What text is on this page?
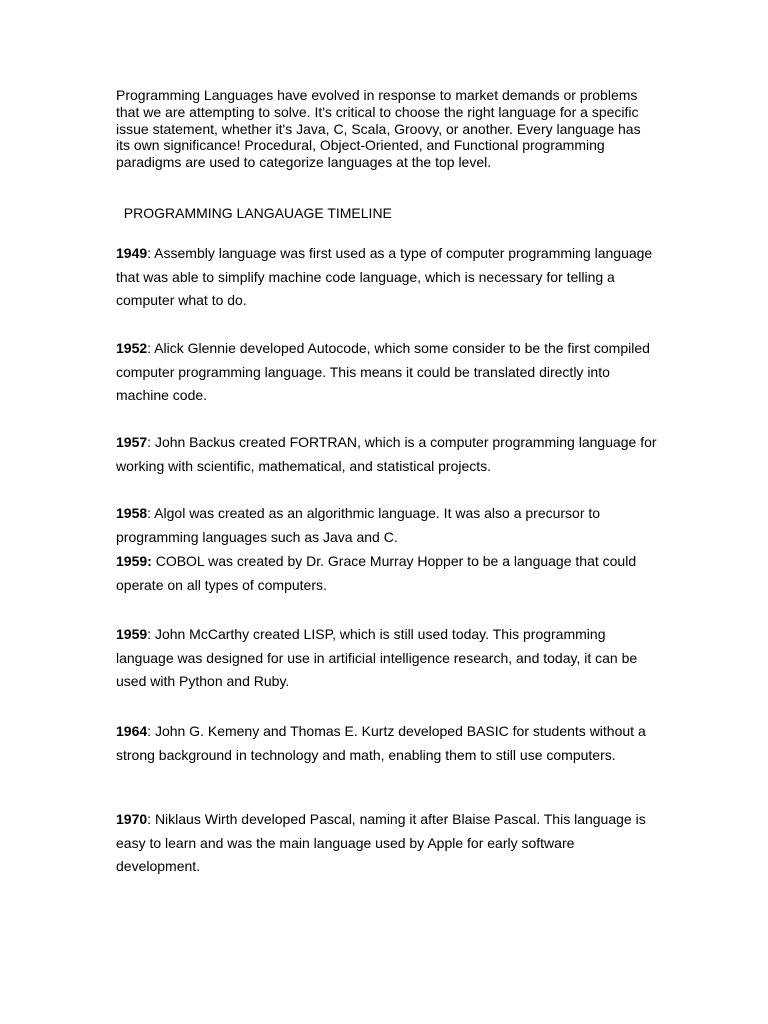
Programming Languages have evolved in response to market demands or problems that we are attempting to solve. It's critical to choose the right language for a specific issue statement, whether it's Java, C, Scala, Groovy, or another. Every language has its own significance! Procedural, Object-Oriented, and Functional programming paradigms are used to categorize languages at the top level.

PROGRAMMING LANGAUAGE TIMELINE

1949: Assembly language was first used as a type of computer programming language that was able to simplify machine code language, which is necessary for telling a computer what to do.

1952: Alick Glennie developed Autocode, which some consider to be the first compiled computer programming language. This means it could be translated directly into machine code.

1957: John Backus created FORTRAN, which is a computer programming language for working with scientific, mathematical, and statistical projects.

1958: Algol was created as an algorithmic language. It was also a precursor to programming languages such as Java and C.

1959: COBOL was created by Dr. Grace Murray Hopper to be a language that could operate on all types of computers.

1959: John McCarthy created LISP, which is still used today. This programming language was designed for use in artificial intelligence research, and today, it can be used with Python and Ruby.

1964: John G. Kemeny and Thomas E. Kurtz developed BASIC for students without a strong background in technology and math, enabling them to still use computers.

1970: Niklaus Wirth developed Pascal, naming it after Blaise Pascal. This language is easy to learn and was the main language used by Apple for early software development.
